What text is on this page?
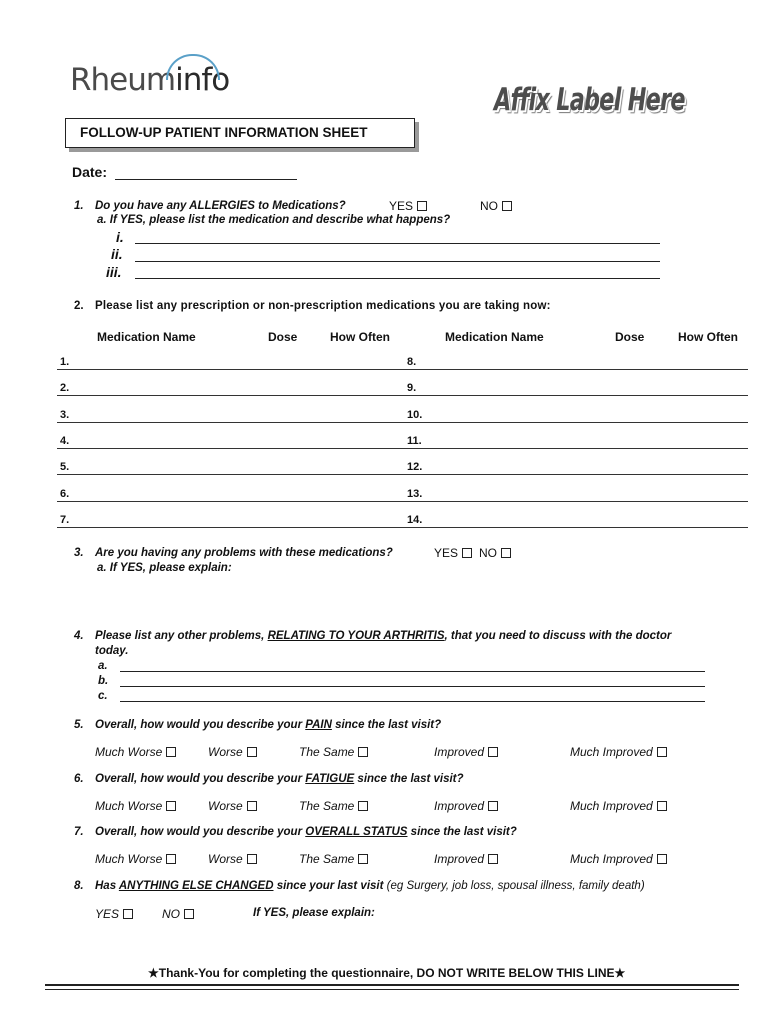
Rheuminfo
Affix Label Here
FOLLOW-UP PATIENT INFORMATION SHEET
Date:
1. Do you have any ALLERGIES to Medications?	YES	NO
a. If YES, please list the medication and describe what happens?
i.
ii.
iii.
2. Please list any prescription or non-prescription medications you are taking now:
Medication Name	Dose	How Often	Medication Name	Dose	How Often
1.	8.
2.	9.
3.	10.
4.	11.
5.	12.
6.	13.
7.	14.
3. Are you having any problems with these medications?	YES	NO
a. If YES, please explain:
4. Please list any other problems, RELATING TO YOUR ARTHRITIS, that you need to discuss with the doctor
today.
a.
b.
c.
5. Overall, how would you describe your PAIN since the last visit?
Much Worse	Worse	The Same	Improved	Much Improved
6. Overall, how would you describe your FATIGUE since the last visit?
Much Worse	Worse	The Same	Improved	Much Improved
7. Overall, how would you describe your OVERALL STATUS since the last visit?
Much Worse	Worse	The Same	Improved	Much Improved
8. Has ANYTHING ELSE CHANGED since your last visit (eg Surgery, job loss, spousal illness, family death)
YES	NO	If YES, please explain:
★Thank-You for completing the questionnaire, DO NOT WRITE BELOW THIS LINE★
